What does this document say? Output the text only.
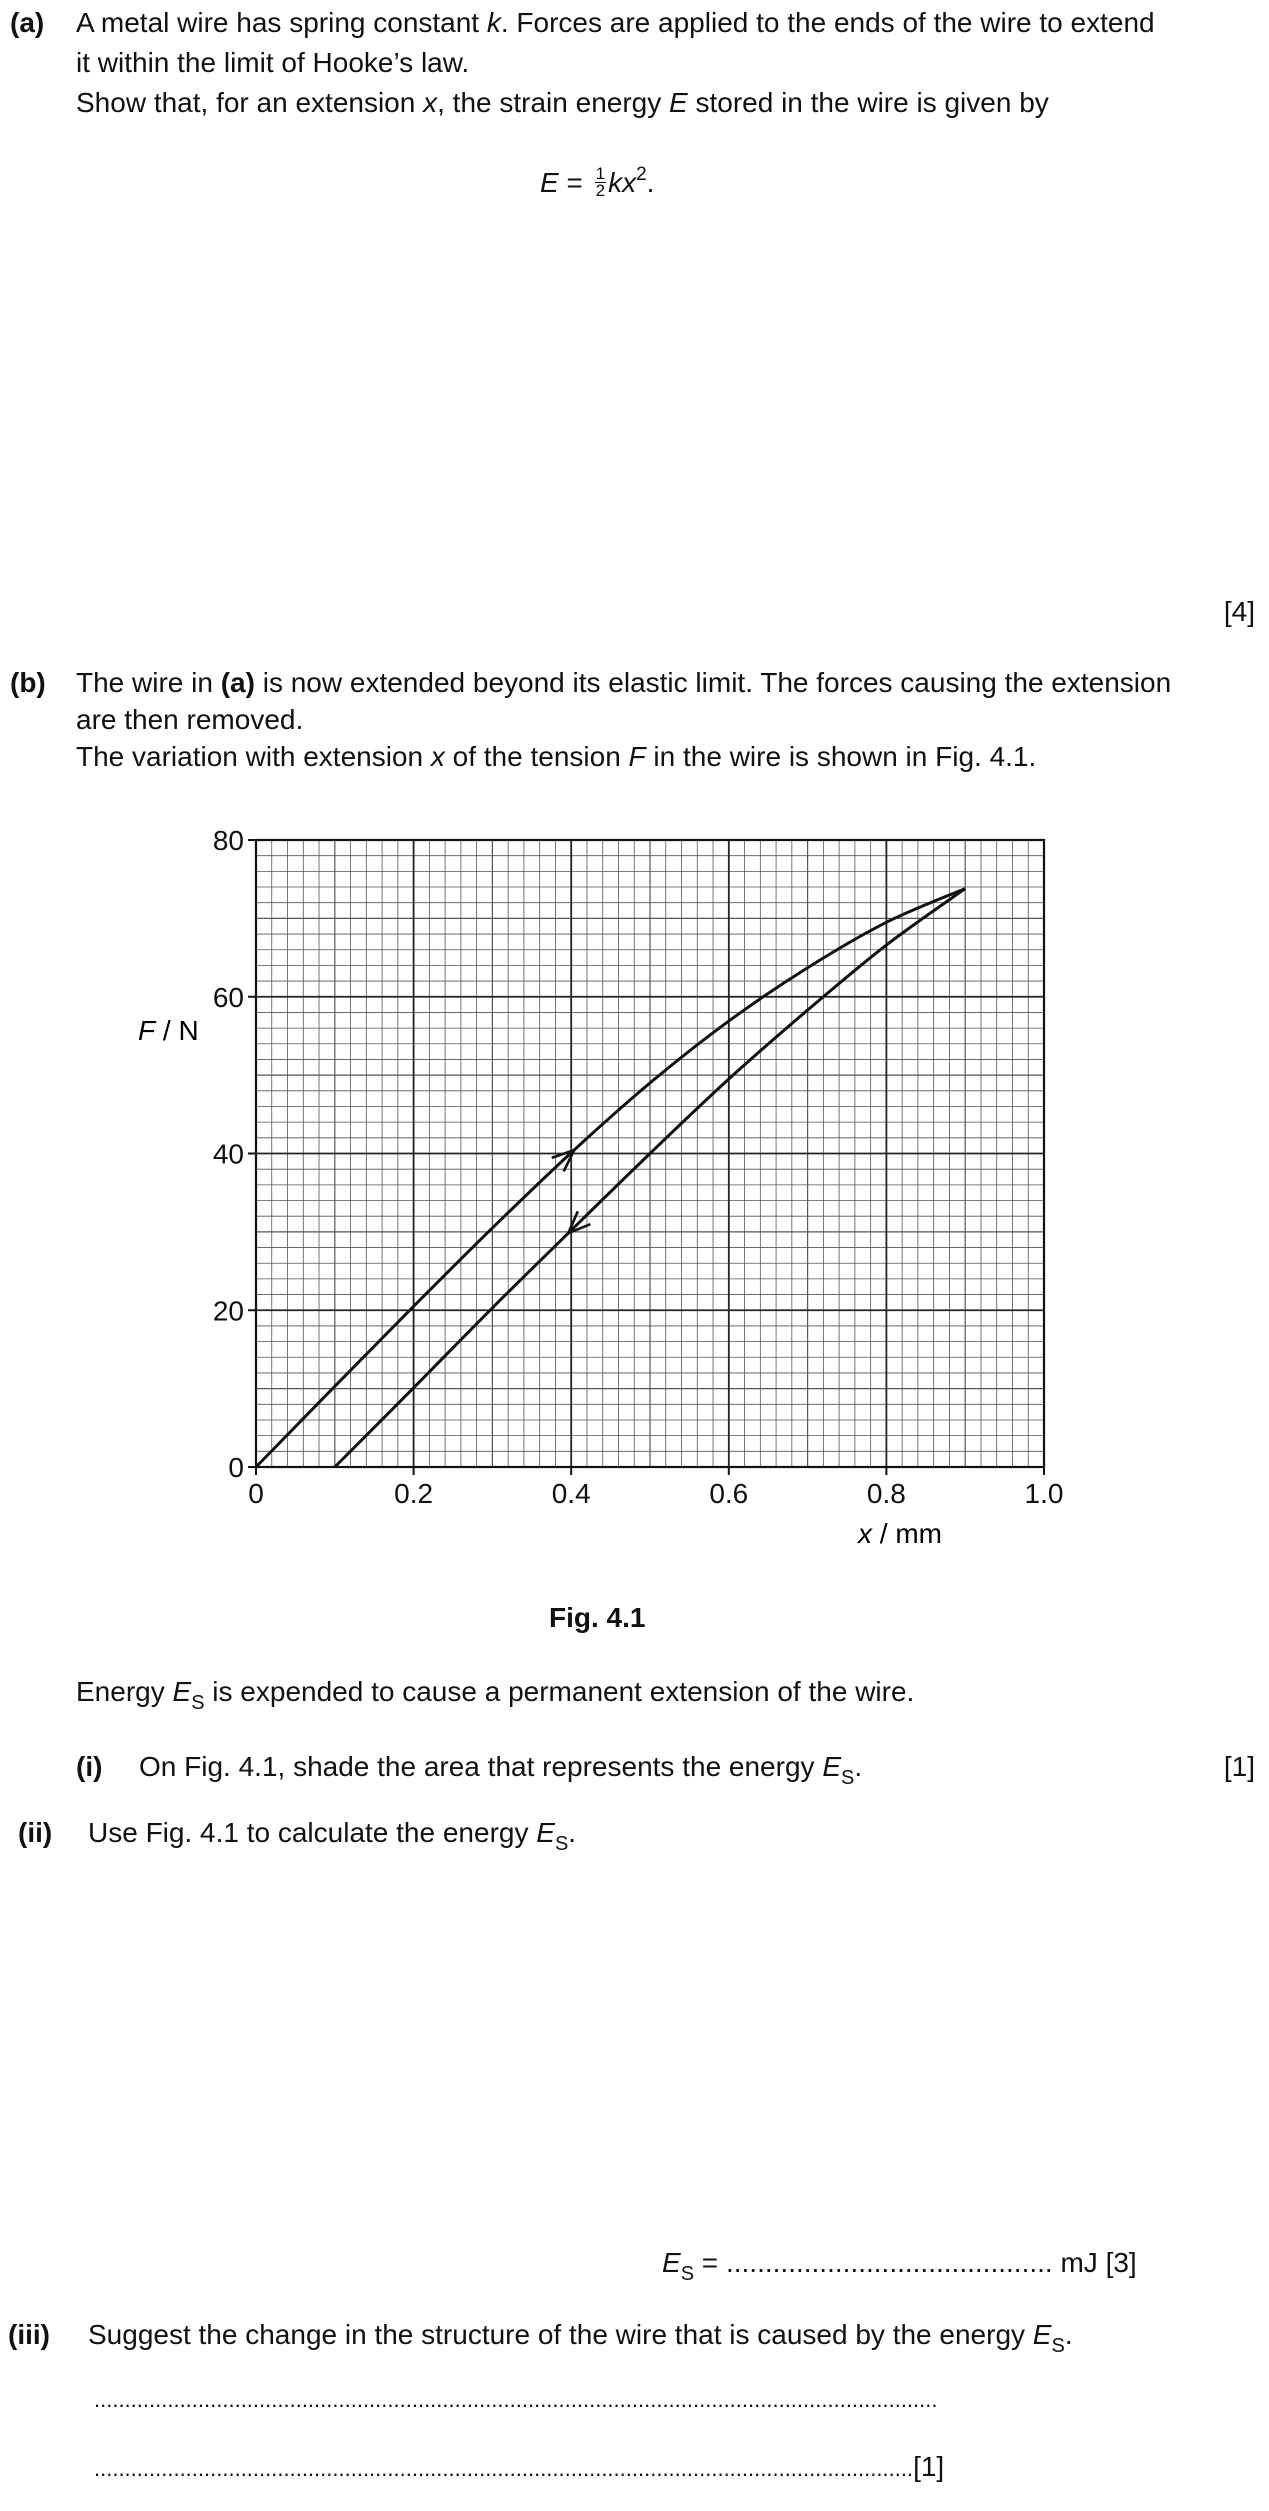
(a) A metal wire has spring constant k. Forces are applied to the ends of the wire to extend
it within the limit of Hooke’s law.
Show that, for an extension x, the strain energy E stored in the wire is given by
$E = \frac{1}{2} kx^2$.
[4]
(b) The wire in (a) is now extended beyond its elastic limit. The forces causing the extension
are then removed.
The variation with extension x of the tension F in the wire is shown in Fig. 4.1.
0	0.2	0.4	0.6	0.8	1.0
0
20
40
60
80
x / mm
F / N
Fig. 4.1
Energy $E_S$ is expended to cause a permanent extension of the wire.
(i) On Fig. 4.1, shade the area that represents the energy $E_S$.	[1]
(ii) Use Fig. 4.1 to calculate the energy $E_S$.
$E_S$ = .......................................... mJ [3]
(iii) Suggest the change in the structure of the wire that is caused by the energy $E_S$.
..........................................................................................................................................
......................................................................................................................................[1]
